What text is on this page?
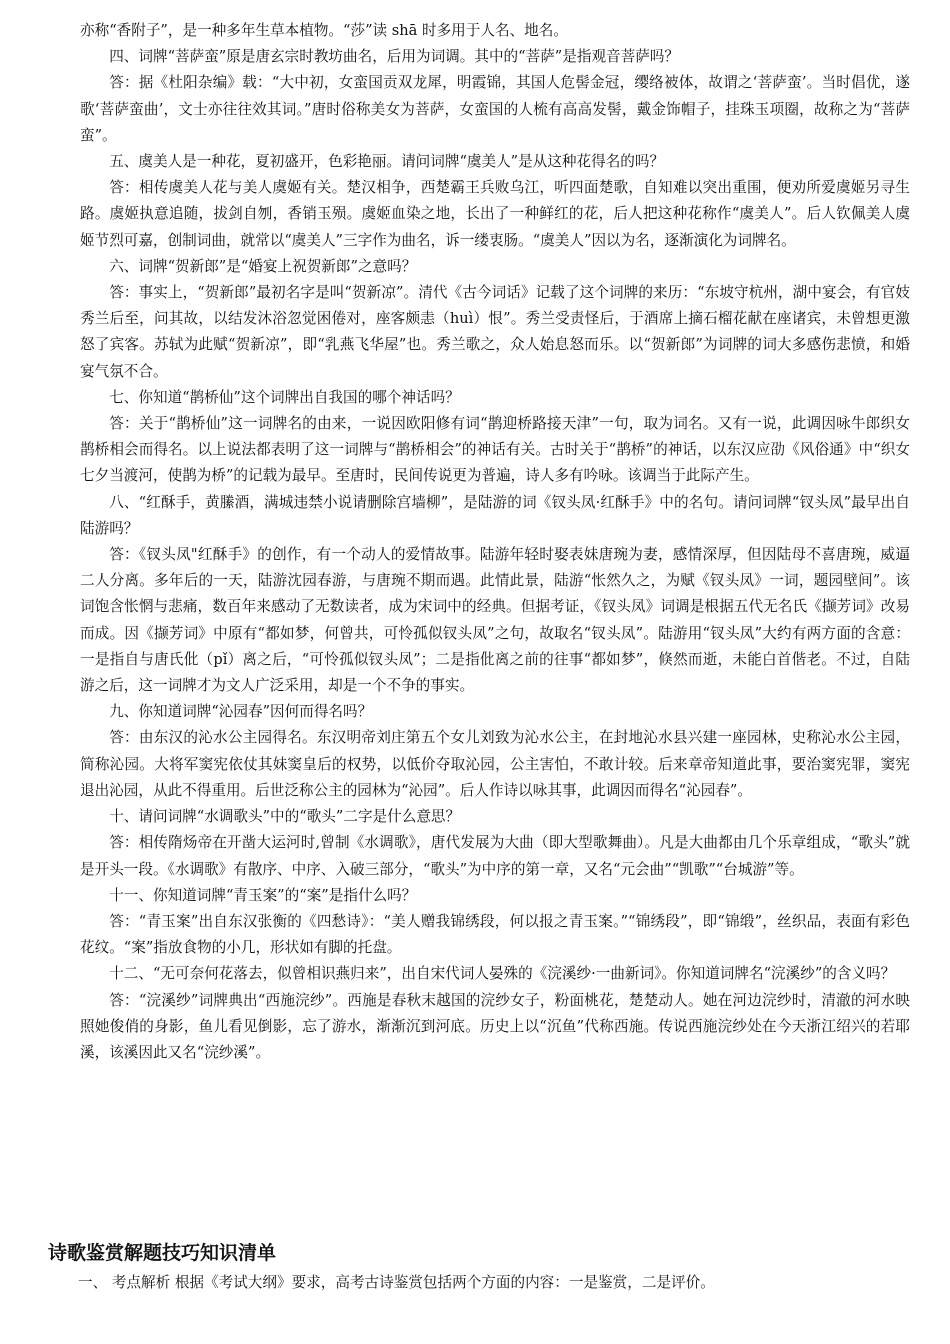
亦称“香附子”，是一种多年生草本植物。“莎”读 shā 时多用于人名、地名。

四、词牌“菩萨蛮”原是唐玄宗时教坊曲名，后用为词调。其中的“菩萨”是指观音菩萨吗？

答：据《杜阳杂编》载：“大中初，女蛮国贡双龙犀，明霞锦，其国人危髻金冠，缨络被体，故谓之‘菩萨蛮’。当时倡优，遂歌‘菩萨蛮曲’，文士亦往往效其词。”唐时俗称美女为菩萨，女蛮国的人梳有高高发髻，戴金饰帽子，挂珠玉项圈，故称之为“菩萨蛮”。

五、虞美人是一种花，夏初盛开，色彩艳丽。请问词牌“虞美人”是从这种花得名的吗？

答：相传虞美人花与美人虞姬有关。楚汉相争，西楚霸王兵败乌江，听四面楚歌，自知难以突出重围，便劝所爱虞姬另寻生路。虞姬执意追随，拔剑自刎，香销玉殒。虞姬血染之地，长出了一种鲜红的花，后人把这种花称作“虞美人”。后人钦佩美人虞姬节烈可嘉，创制词曲，就常以“虞美人”三字作为曲名，诉一缕衷肠。“虞美人”因以为名，逐渐演化为词牌名。

六、词牌“贺新郎”是“婚宴上祝贺新郎”之意吗？

答：事实上，“贺新郎”最初名字是叫“贺新凉”。清代《古今词话》记载了这个词牌的来历：“东坡守杭州，湖中宴会，有官妓秀兰后至，问其故，以结发沐浴忽觉困倦对，座客颇恚（huì）恨”。秀兰受责怪后，于酒席上摘石榴花献在座诸宾，未曾想更激怒了宾客。苏轼为此赋“贺新凉”，即“乳燕飞华屋”也。秀兰歌之，众人始息怒而乐。以“贺新郎”为词牌的词大多感伤悲愤，和婚宴气氛不合。

七、你知道“鹊桥仙”这个词牌出自我国的哪个神话吗？

答：关于“鹊桥仙”这一词牌名的由来，一说因欧阳修有词“鹊迎桥路接天津”一句，取为词名。又有一说，此调因咏牛郎织女鹊桥相会而得名。以上说法都表明了这一词牌与“鹊桥相会”的神话有关。古时关于“鹊桥”的神话，以东汉应劭《风俗通》中“织女七夕当渡河，使鹊为桥”的记载为最早。至唐时，民间传说更为普遍，诗人多有吟咏。该调当于此际产生。

八、“红酥手，黄縢酒，满城违禁小说请删除宫墙柳”，是陆游的词《钗头凤·红酥手》中的名句。请问词牌“钗头凤”最早出自陆游吗？

答：《钗头凤"红酥手》的创作，有一个动人的爱情故事。陆游年轻时娶表妹唐琬为妻，感情深厚，但因陆母不喜唐琬，威逼二人分离。多年后的一天，陆游沈园春游，与唐琬不期而遇。此情此景，陆游“怅然久之，为赋《钗头凤》一词，题园壁间”。该词饱含怅惘与悲痛，数百年来感动了无数读者，成为宋词中的经典。但据考证，《钗头凤》词调是根据五代无名氏《撷芳词》改易而成。因《撷芳词》中原有“都如梦，何曾共，可怜孤似钗头凤”之句，故取名“钗头凤”。陆游用“钗头凤”大约有两方面的含意：一是指自与唐氏仳（pǐ）离之后，“可怜孤似钗头凤”；二是指仳离之前的往事“都如梦”，倏然而逝，未能白首偕老。不过，自陆游之后，这一词牌才为文人广泛采用，却是一个不争的事实。

九、你知道词牌“沁园春”因何而得名吗？

答：由东汉的沁水公主园得名。东汉明帝刘庄第五个女儿刘致为沁水公主，在封地沁水县兴建一座园林，史称沁水公主园，简称沁园。大将军窦宪依仗其妹窦皇后的权势，以低价夺取沁园，公主害怕，不敢计较。后来章帝知道此事，要治窦宪罪，窦宪退出沁园，从此不得重用。后世泛称公主的园林为“沁园”。后人作诗以咏其事，此调因而得名“沁园春”。

十、请问词牌“水调歌头”中的“歌头”二字是什么意思？

答：相传隋炀帝在开凿大运河时,曾制《水调歌》，唐代发展为大曲（即大型歌舞曲）。凡是大曲都由几个乐章组成，“歌头”就是开头一段。《水调歌》有散序、中序、入破三部分，“歌头”为中序的第一章，又名“元会曲”“凯歌”“台城游”等。

十一、你知道词牌“青玉案”的“案”是指什么吗？

答：“青玉案”出自东汉张衡的《四愁诗》：“美人赠我锦绣段，何以报之青玉案。”“锦绣段”，即“锦缎”，丝织品，表面有彩色花纹。“案”指放食物的小几，形状如有脚的托盘。

十二、“无可奈何花落去，似曾相识燕归来”，出自宋代词人晏殊的《浣溪纱·一曲新词》。你知道词牌名“浣溪纱”的含义吗？

答：“浣溪纱”词牌典出“西施浣纱”。西施是春秋末越国的浣纱女子，粉面桃花，楚楚动人。她在河边浣纱时，清澈的河水映照她俊俏的身影，鱼儿看见倒影，忘了游水，渐渐沉到河底。历史上以“沉鱼”代称西施。传说西施浣纱处在今天浙江绍兴的若耶溪，该溪因此又名“浣纱溪”。

诗歌鉴赏解题技巧知识清单

一、 考点解析 根据《考试大纲》要求，高考古诗鉴赏包括两个方面的内容：一是鉴赏，二是评价。
